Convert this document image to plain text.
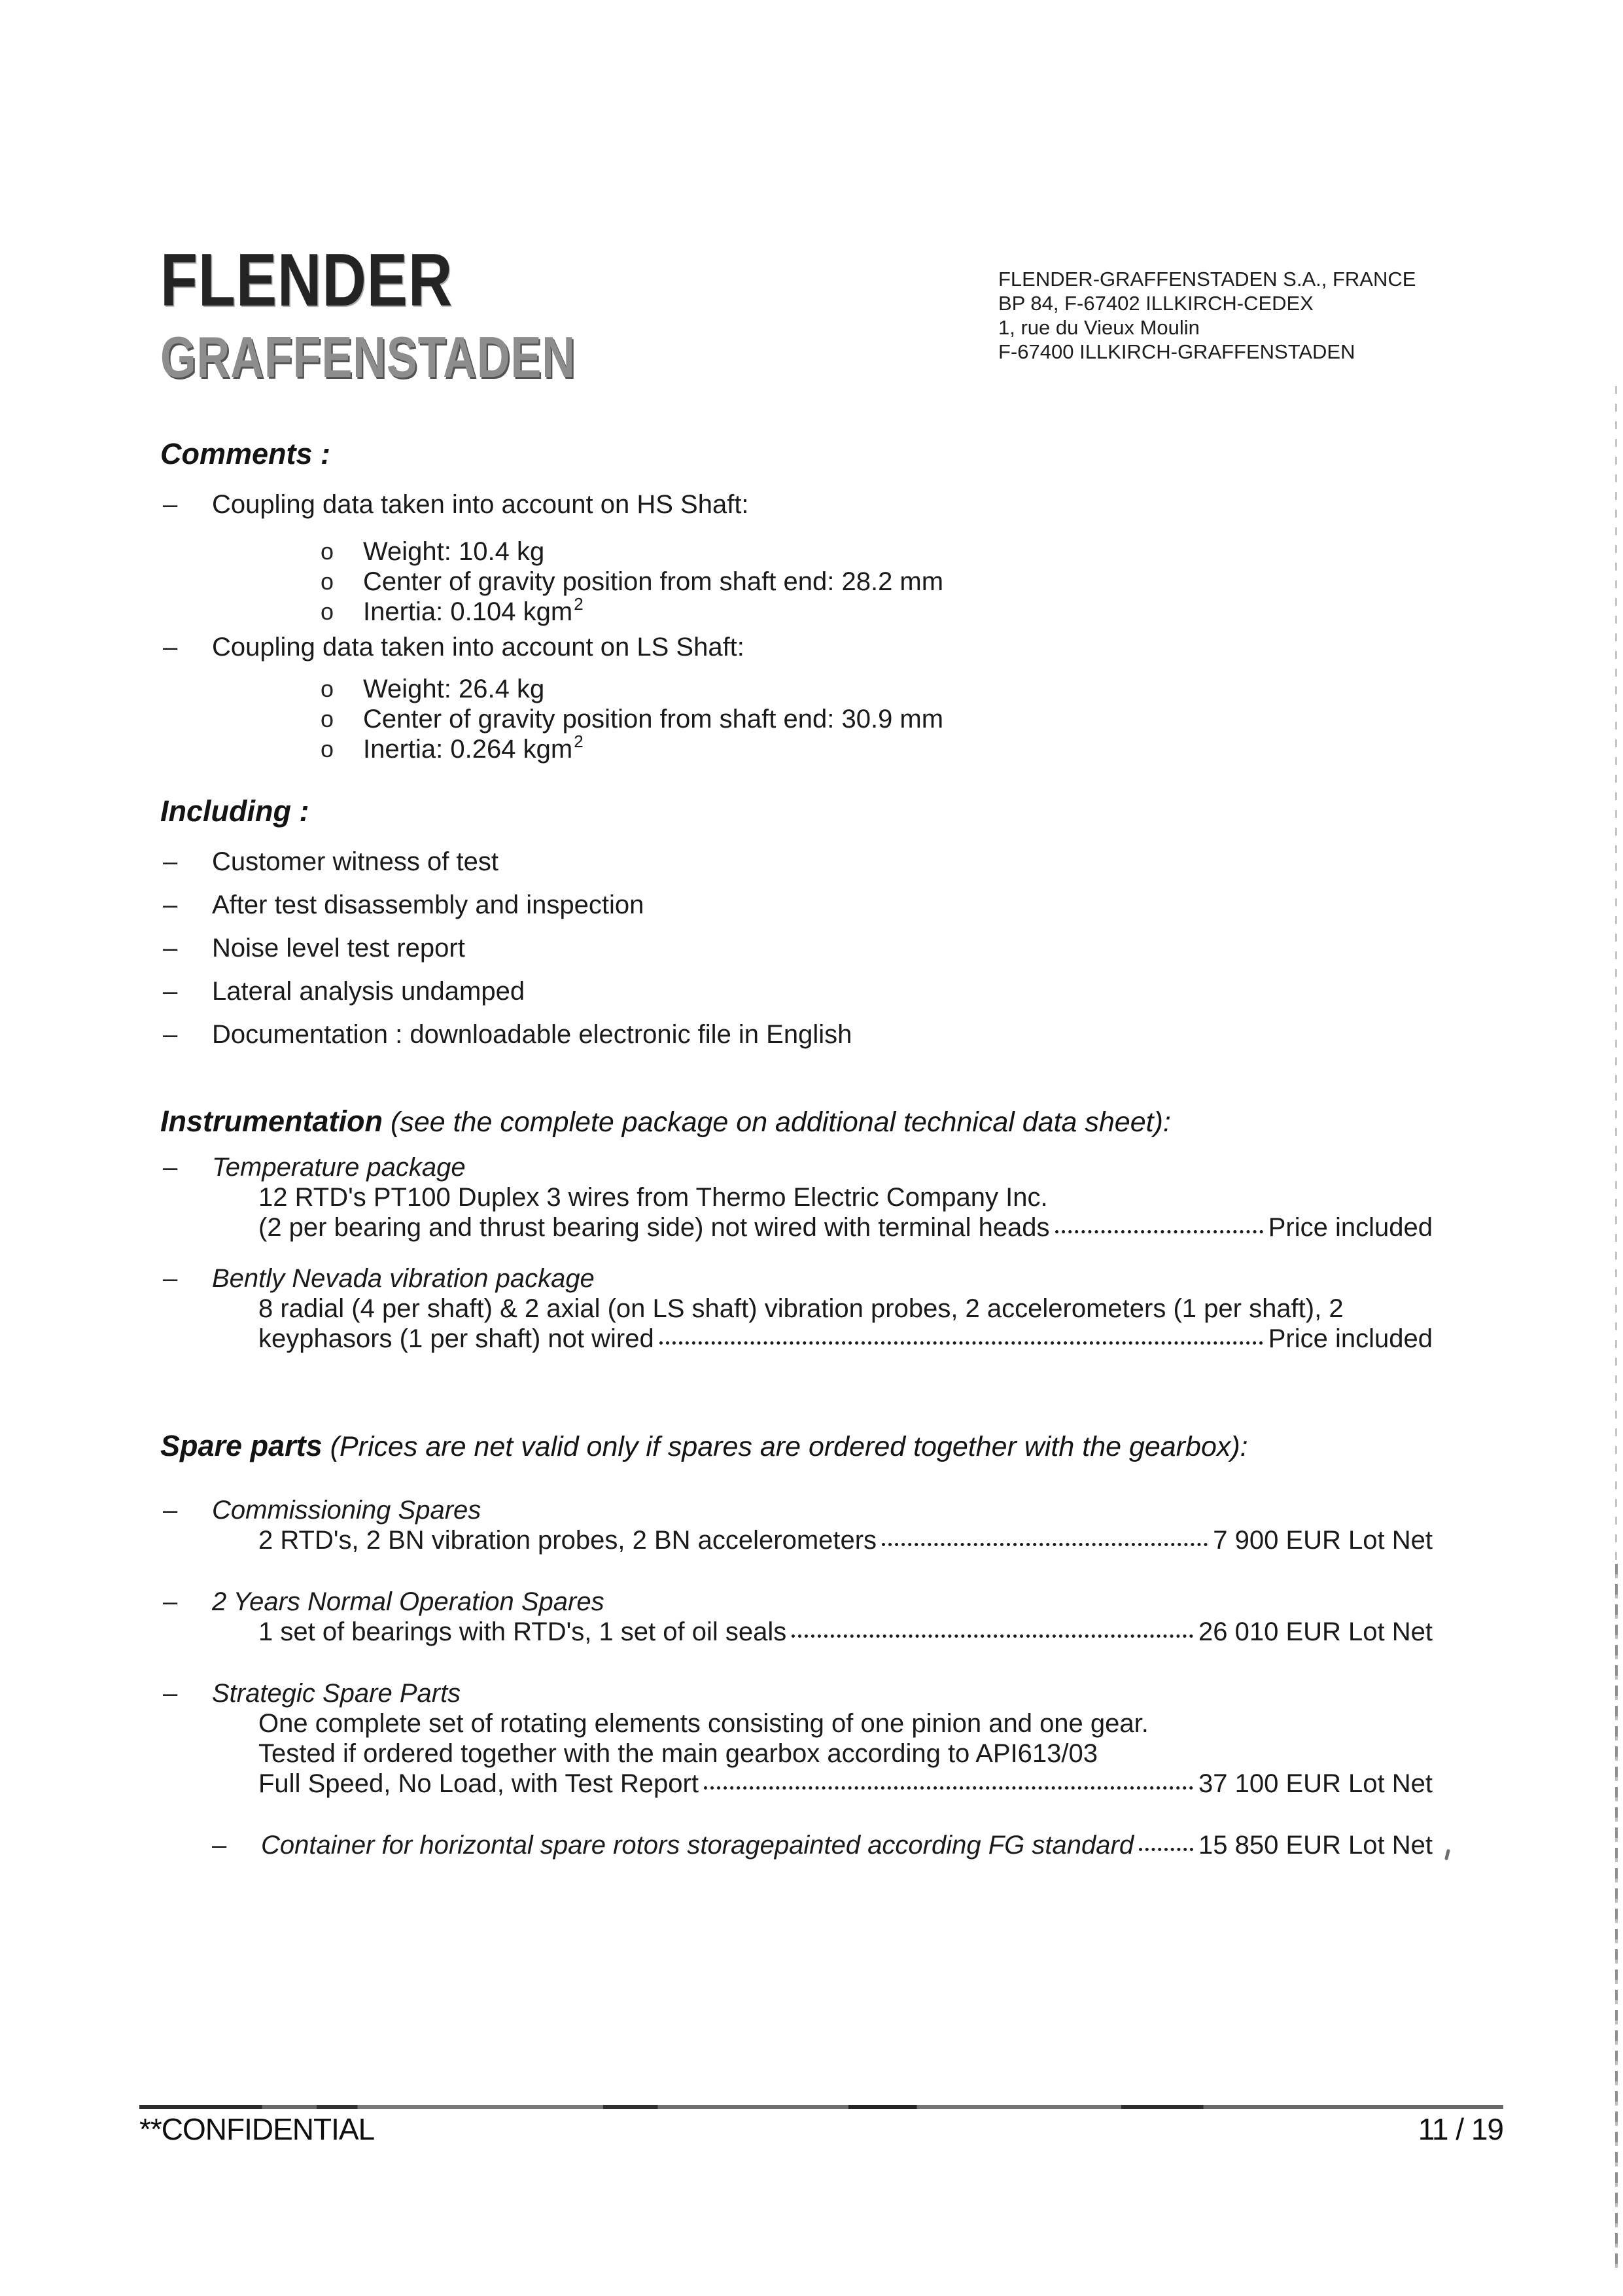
FLENDER
GRAFFENSTADEN
FLENDER-GRAFFENSTADEN S.A., FRANCE
BP 84, F-67402 ILLKIRCH-CEDEX
1, rue du Vieux Moulin
F-67400 ILLKIRCH-GRAFFENSTADEN
Comments :
–	Coupling data taken into account on HS Shaft:
o	Weight: 10.4 kg
o	Center of gravity position from shaft end: 28.2 mm
o	Inertia: 0.104 kgm$^2$
–	Coupling data taken into account on LS Shaft:
o	Weight: 26.4 kg
o	Center of gravity position from shaft end: 30.9 mm
o	Inertia: 0.264 kgm$^2$
Including :
–	Customer witness of test
–	After test disassembly and inspection
–	Noise level test report
–	Lateral analysis undamped
–	Documentation : downloadable electronic file in English
Instrumentation (see the complete package on additional technical data sheet):
–	Temperature package
12 RTD's PT100 Duplex 3 wires from Thermo Electric Company Inc.
(2 per bearing and thrust bearing side) not wired with terminal heads	Price included
–	Bently Nevada vibration package
8 radial (4 per shaft) & 2 axial (on LS shaft) vibration probes, 2 accelerometers (1 per shaft), 2
keyphasors (1 per shaft) not wired	Price included
Spare parts (Prices are net valid only if spares are ordered together with the gearbox):
–	Commissioning Spares
2 RTD's, 2 BN vibration probes, 2 BN accelerometers	7 900 EUR Lot Net
–	2 Years Normal Operation Spares
1 set of bearings with RTD's, 1 set of oil seals	26 010 EUR Lot Net
–	Strategic Spare Parts
One complete set of rotating elements consisting of one pinion and one gear.
Tested if ordered together with the main gearbox according to API613/03
Full Speed, No Load, with Test Report	37 100 EUR Lot Net
–	Container for horizontal spare rotors storage painted according FG standard 15 850 EUR Lot Net
**CONFIDENTIAL	11 / 19
